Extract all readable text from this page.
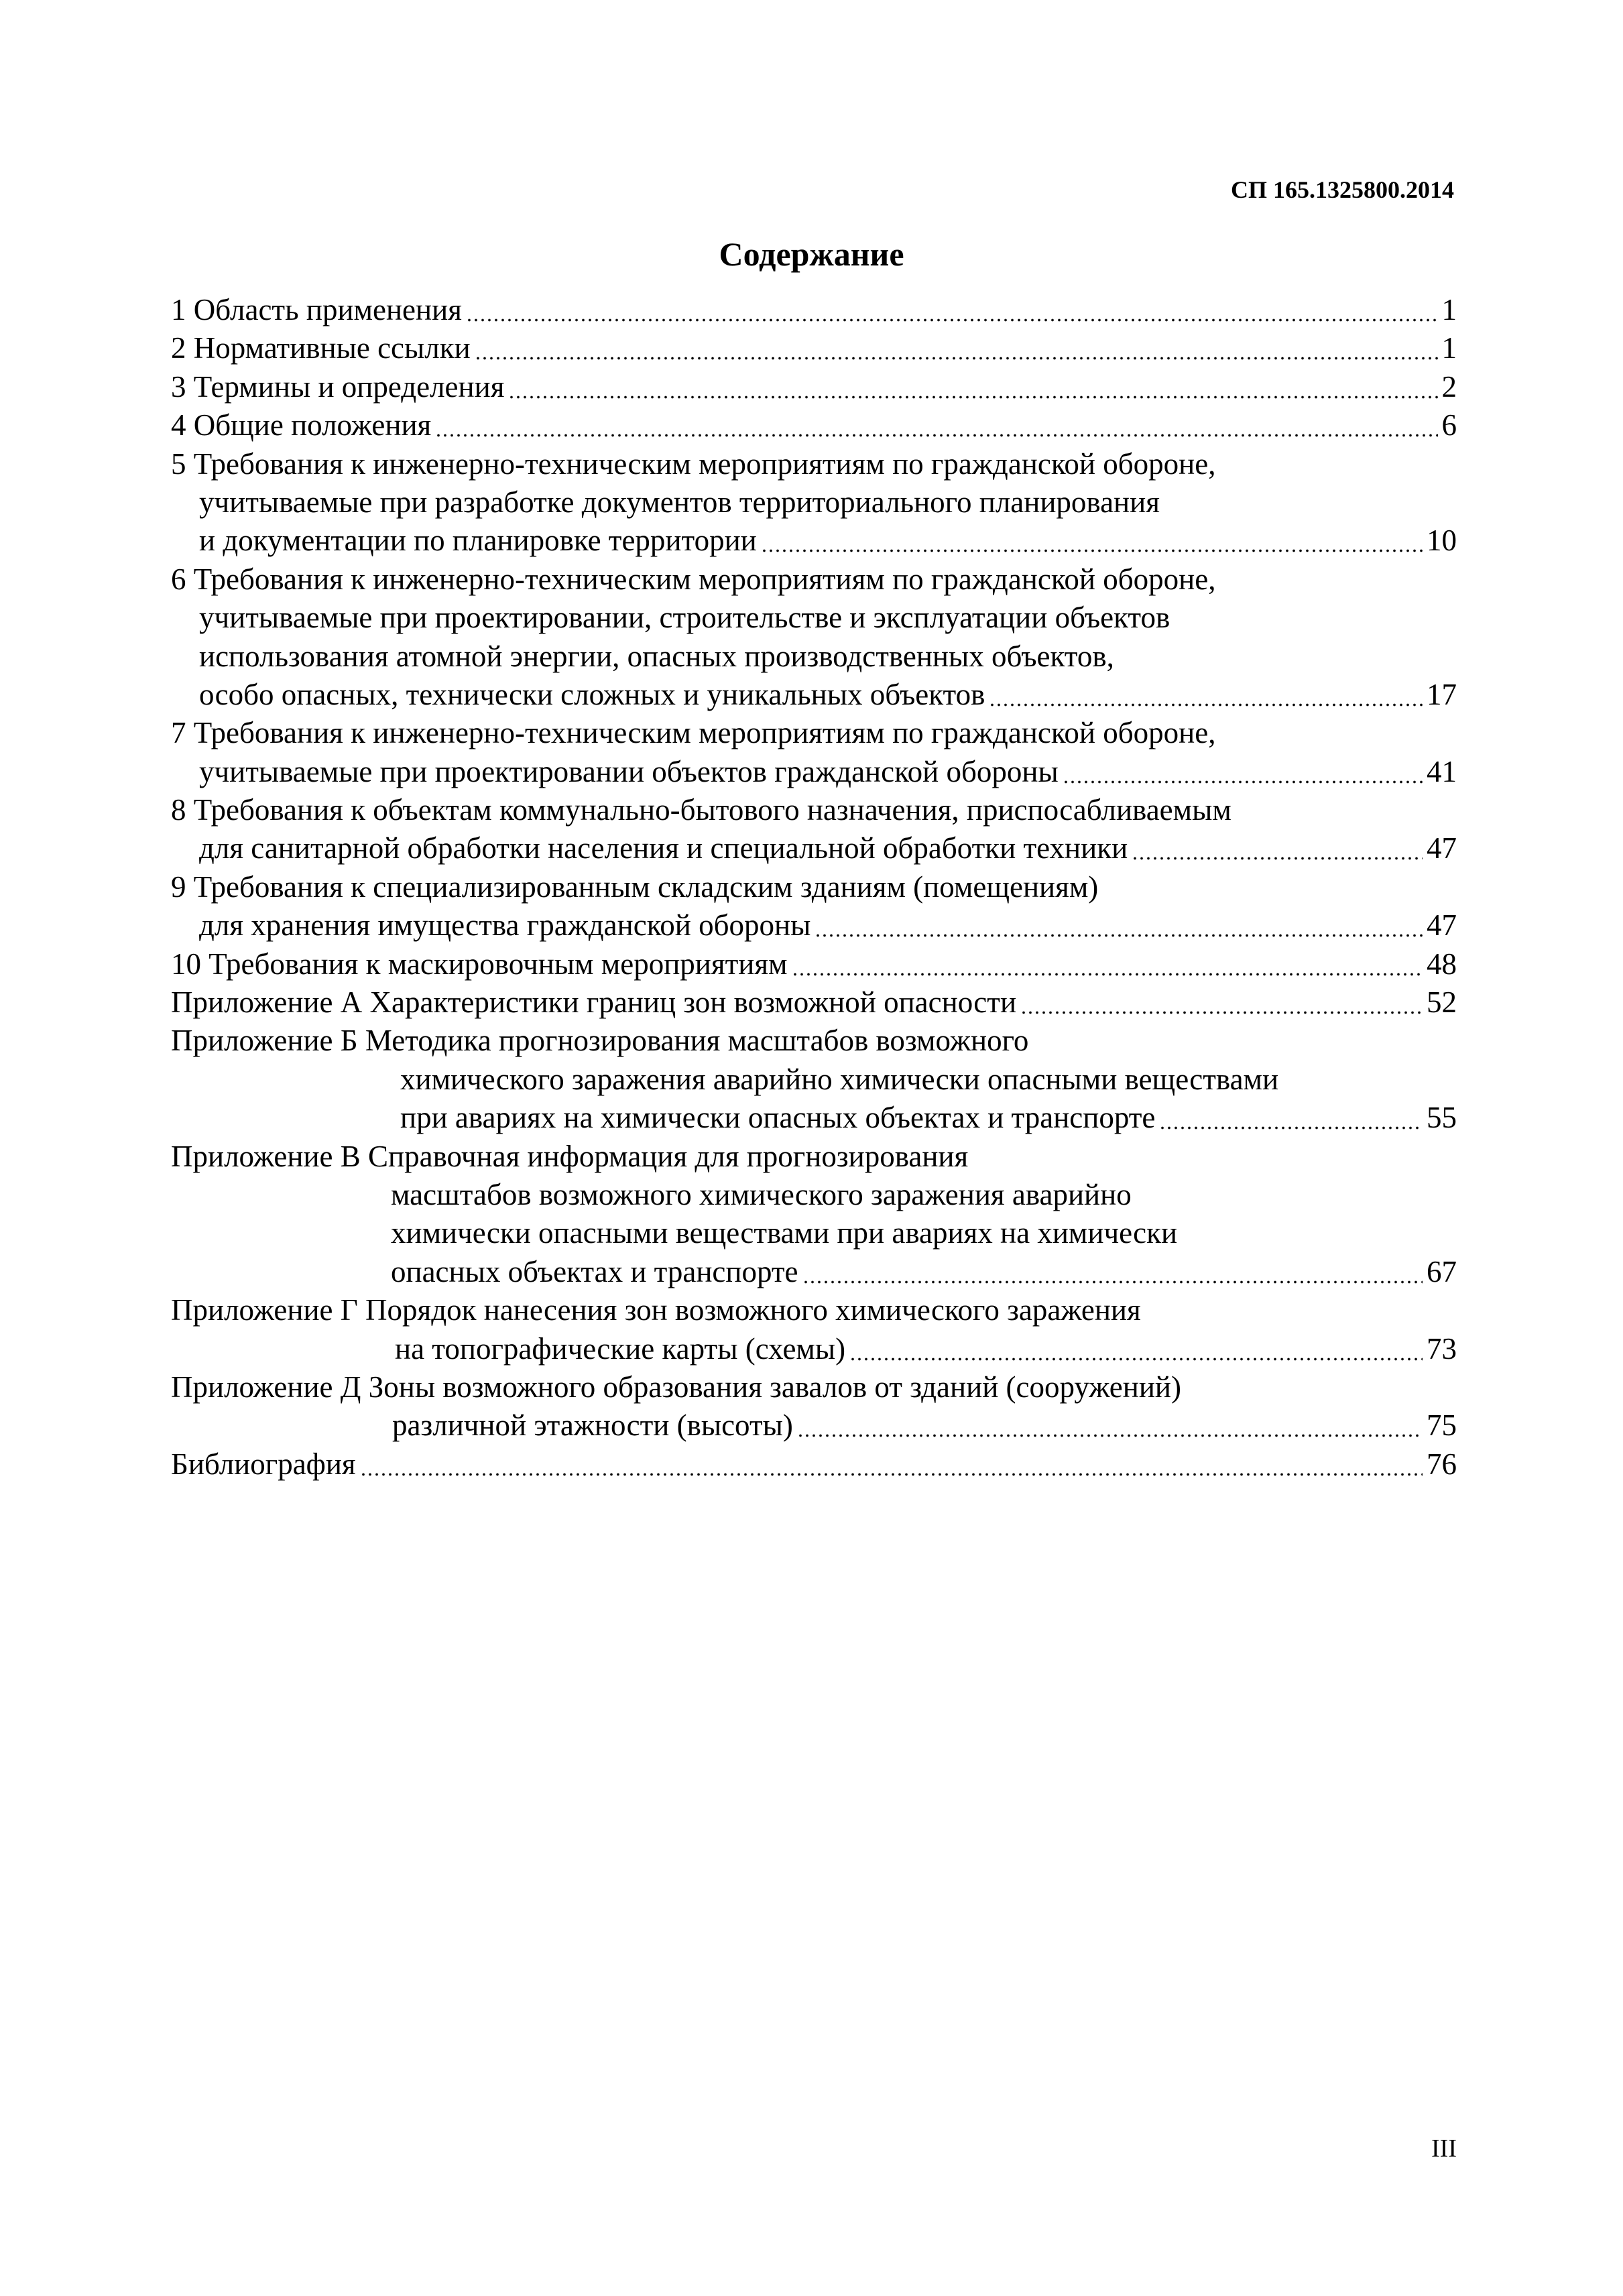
СП 165.1325800.2014
Содержание
1 Область применения	1
2 Нормативные ссылки	1
3 Термины и определения	2
4 Общие положения	6
5 Требования к инженерно-техническим мероприятиям по гражданской обороне,
учитываемые при разработке документов территориального планирования
и документации по планировке территории	10
6 Требования к инженерно-техническим мероприятиям по гражданской обороне,
учитываемые при проектировании, строительстве и эксплуатации объектов
использования атомной энергии, опасных производственных объектов,
особо опасных, технически сложных и уникальных объектов	17
7 Требования к инженерно-техническим мероприятиям по гражданской обороне,
учитываемые при проектировании объектов гражданской обороны	41
8 Требования к объектам коммунально-бытового назначения, приспосабливаемым
для санитарной обработки населения и специальной обработки техники	47
9 Требования к специализированным складским зданиям (помещениям)
для хранения имущества гражданской обороны	47
10 Требования к маскировочным мероприятиям	48
Приложение А Характеристики границ зон возможной опасности	52
Приложение Б Методика прогнозирования масштабов возможного
химического заражения аварийно химически опасными веществами
при авариях на химически опасных объектах и транспорте	55
Приложение В Справочная информация для прогнозирования
масштабов возможного химического заражения аварийно
химически опасными веществами при авариях на химически
опасных объектах и транспорте	67
Приложение Г Порядок нанесения зон возможного химического заражения
на топографические карты (схемы)	73
Приложение Д Зоны возможного образования завалов от зданий (сооружений)
различной этажности (высоты)	75
Библиография	76
III
